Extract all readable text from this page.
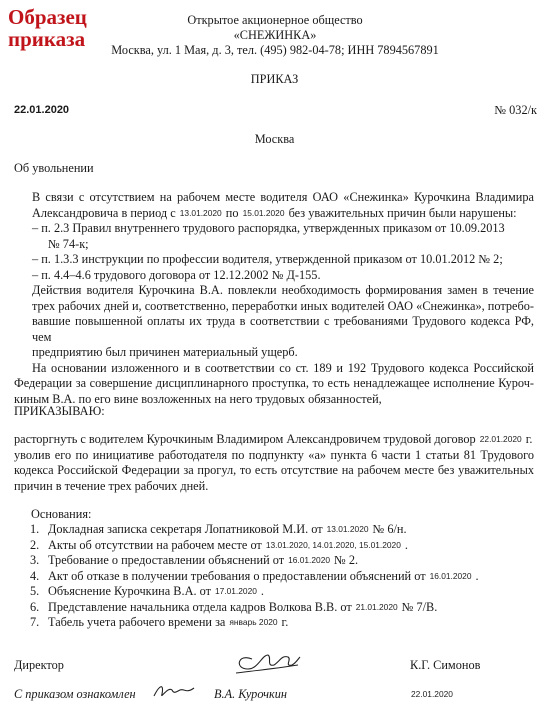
Образец
приказа
Открытое акционерное общество
«СНЕЖИНКА»
Москва, ул. 1 Мая, д. 3, тел. (495) 982-04-78; ИНН 7894567891
ПРИКАЗ
22.01.2020	№ 032/к
Москва
Об увольнении
В связи с отсутствием на рабочем месте водителя ОАО «Снежинка» Курочкина Владимира
Александровича в период с 13.01.2020 по 15.01.2020 без уважительных причин были нарушены:
– п. 2.3 Правил внутреннего трудового распорядка, утвержденных приказом от 10.09.2013
№ 74-к;
– п. 1.3.3 инструкции по профессии водителя, утвержденной приказом от 10.01.2012 № 2;
– п. 4.4–4.6 трудового договора от 12.12.2002 № Д-155.
Действия водителя Курочкина В.А. повлекли необходимость формирования замен в течение
трех рабочих дней и, соответственно, переработки иных водителей ОАО «Снежинка», потребо-
вавшие повышенной оплаты их труда в соответствии с требованиями Трудового кодекса РФ, чем
предприятию был причинен материальный ущерб.
На основании изложенного и в соответствии со ст. 189 и 192 Трудового кодекса Российской
Федерации за совершение дисциплинарного проступка, то есть ненадлежащее исполнение Куроч-
киным В.А. по его вине возложенных на него трудовых обязанностей,
ПРИКАЗЫВАЮ:
расторгнуть с водителем Курочкиным Владимиром Александровичем трудовой договор 22.01.2020 г.
уволив его по инициативе работодателя по подпункту «а» пункта 6 части 1 статьи 81 Трудового
кодекса Российской Федерации за прогул, то есть отсутствие на рабочем месте без уважительных
причин в течение трех рабочих дней.
Основания:
1. Докладная записка секретаря Лопатниковой М.И. от 13.01.2020 № 6/н.
2. Акты об отсутствии на рабочем месте от 13.01.2020, 14.01.2020, 15.01.2020 .
3. Требование о предоставлении объяснений от 16.01.2020 № 2.
4. Акт об отказе в получении требования о предоставлении объяснений от 16.01.2020 .
5. Объяснение Курочкина В.А. от 17.01.2020 .
6. Представление начальника отдела кадров Волкова В.В. от 21.01.2020 № 7/В.
7. Табель учета рабочего времени за январь 2020 г.
Директор	К.Г. Симонов
С приказом ознакомлен	В.А. Курочкин	22.01.2020
